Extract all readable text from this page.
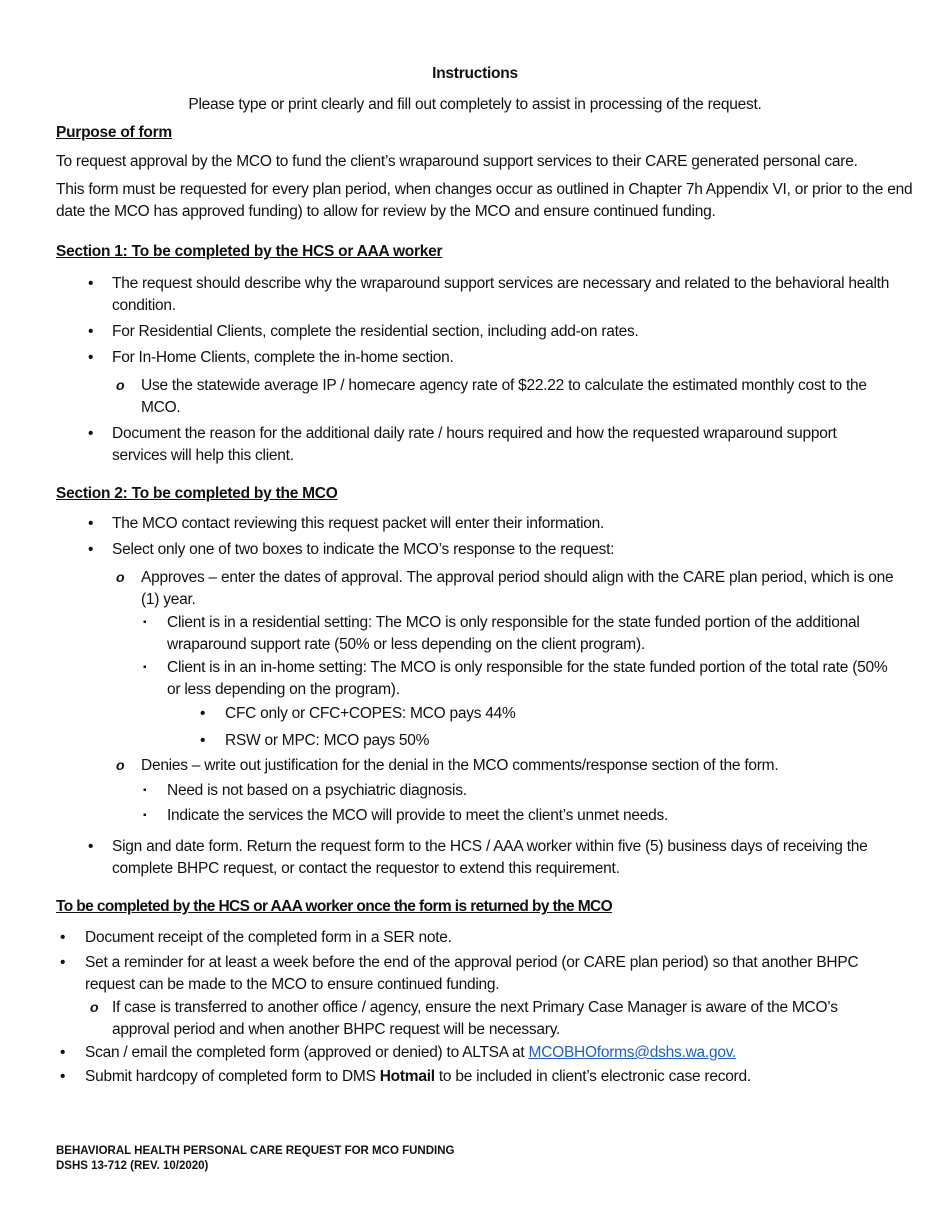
Instructions
Please type or print clearly and fill out completely to assist in processing of the request.
Purpose of form
To request approval by the MCO to fund the client’s wraparound support services to their CARE generated personal care.
This form must be requested for every plan period, when changes occur as outlined in Chapter 7h Appendix VI, or prior to the end date the MCO has approved funding) to allow for review by the MCO and ensure continued funding.
Section 1: To be completed by the HCS or AAA worker
• The request should describe why the wraparound support services are necessary and related to the behavioral health condition.
• For Residential Clients, complete the residential section, including add-on rates.
• For In-Home Clients, complete the in-home section.
o Use the statewide average IP / homecare agency rate of $22.22 to calculate the estimated monthly cost to the MCO.
• Document the reason for the additional daily rate / hours required and how the requested wraparound support services will help this client.
Section 2: To be completed by the MCO
• The MCO contact reviewing this request packet will enter their information.
• Select only one of two boxes to indicate the MCO’s response to the request:
o Approves – enter the dates of approval. The approval period should align with the CARE plan period, which is one (1) year.
▪ Client is in a residential setting: The MCO is only responsible for the state funded portion of the additional wraparound support rate (50% or less depending on the client program).
▪ Client is in an in-home setting: The MCO is only responsible for the state funded portion of the total rate (50% or less depending on the program).
• CFC only or CFC+COPES: MCO pays 44%
• RSW or MPC: MCO pays 50%
o Denies – write out justification for the denial in the MCO comments/response section of the form.
▪ Need is not based on a psychiatric diagnosis.
▪ Indicate the services the MCO will provide to meet the client’s unmet needs.
• Sign and date form. Return the request form to the HCS / AAA worker within five (5) business days of receiving the complete BHPC request, or contact the requestor to extend this requirement.
To be completed by the HCS or AAA worker once the form is returned by the MCO
• Document receipt of the completed form in a SER note.
• Set a reminder for at least a week before the end of the approval period (or CARE plan period) so that another BHPC request can be made to the MCO to ensure continued funding.
o If case is transferred to another office / agency, ensure the next Primary Case Manager is aware of the MCO’s approval period and when another BHPC request will be necessary.
• Scan / email the completed form (approved or denied) to ALTSA at MCOBHOforms@dshs.wa.gov.
• Submit hardcopy of completed form to DMS Hotmail to be included in client’s electronic case record.
BEHAVIORAL HEALTH PERSONAL CARE REQUEST FOR MCO FUNDING
DSHS 13-712 (REV. 10/2020)
